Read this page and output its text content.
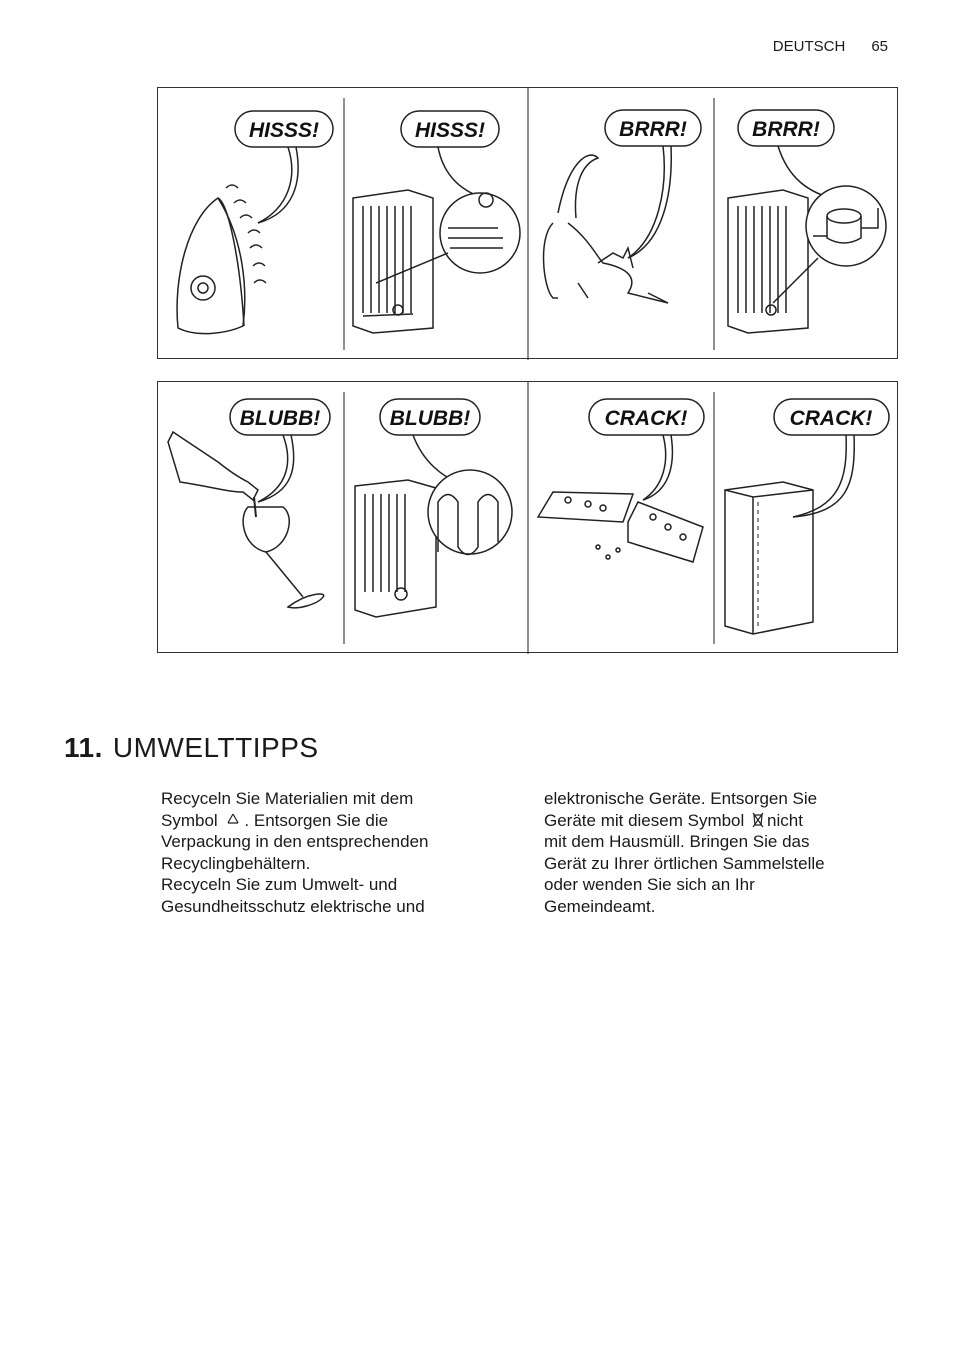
DEUTSCH 65
HISSS!	HISSS!	BRRR!	BRRR!
BLUBB!	BLUBB!	CRACK!	CRACK!
11. UMWELTTIPPS

Recyceln Sie Materialien mit dem

Symbol . Entsorgen Sie die

Verpackung in den entsprechenden

Recyclingbehältern.

Recyceln Sie zum Umwelt- und

Gesundheitsschutz elektrische und

elektronische Geräte. Entsorgen Sie

Geräte mit diesem Symbol nicht

mit dem Hausmüll. Bringen Sie das

Gerät zu Ihrer örtlichen Sammelstelle

oder wenden Sie sich an Ihr

Gemeindeamt.
